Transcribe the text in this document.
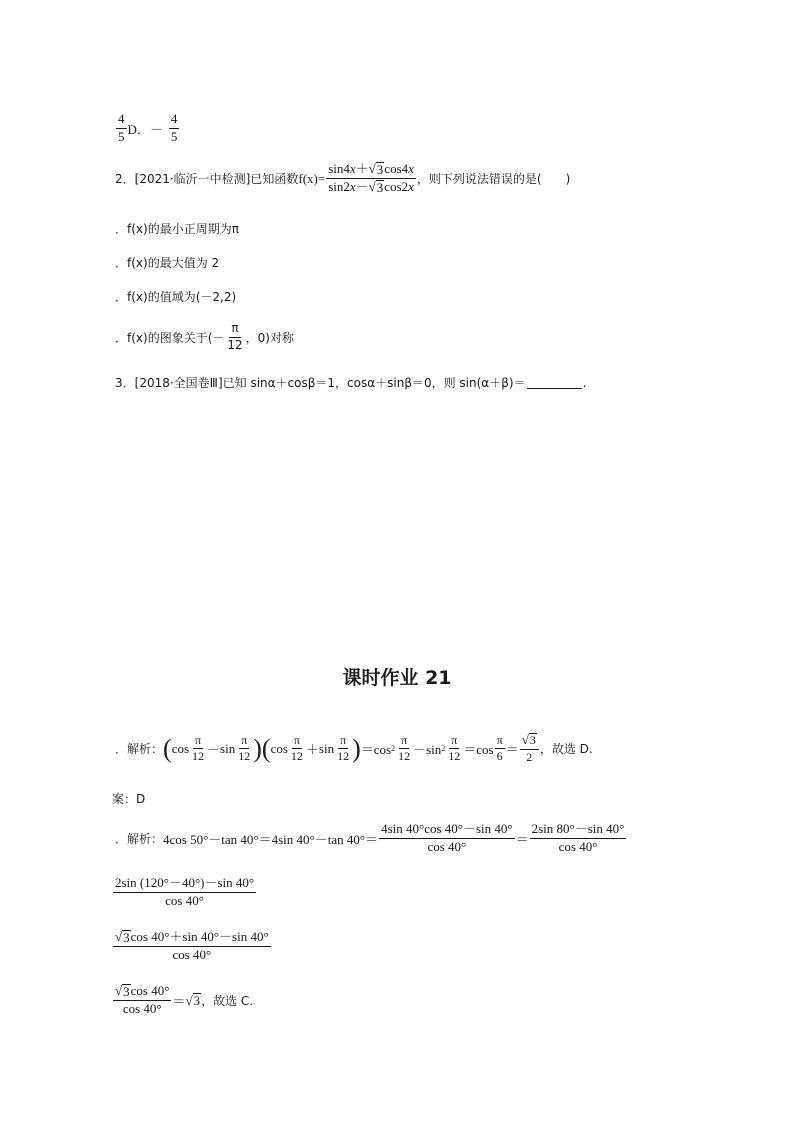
$\frac{4}{5}$ D．－ $\frac{4}{5}$
2．[2021·临沂一中检测]已知函数 $f(x)= \frac{\sin 4x+ √ 3 \cos 4x}{\sin 2x- √ 3 \cos 2x}$ ，则下列说法错误的是(　　)
．f(x)的最小正周期为π
．f(x)的最大值为 2
．f(x)的值域为(－2,2)
．f(x)的图象关于(－ $\frac{\pi}{12}$ ，0)对称
3．[2018·全国卷Ⅲ]已知 sinα＋cosβ＝1，cosα＋sinβ＝0，则 sin(α＋β)＝	.
课时作业 21
．解析： ( $\cos \frac{\pi}{12} - \sin \frac{\pi}{12}$ ) ( $\cos \frac{\pi}{12} + \sin \frac{\pi}{12}$ ) ＝cos $2 \frac{\pi}{12} -\sin$ $2 \frac{\pi}{12} =\cos \frac{\pi}{6} = \frac{√ 3}{2}$ ，故选 D.
案：D
．解析： 4cos 50°－tan 40°＝4sin 40°－tan $40^\circ= \frac{4\sin 40^\circ\cos 40^\circ-\sin 40^\circ}{\cos 40^\circ} = \frac{2\sin 80^\circ-\sin 40^\circ}{\cos 40^\circ}$
$\frac{2\sin (120^\circ-40^\circ)-\sin 40^\circ}{\cos 40^\circ}$
$\frac{√ 3 \cos 40^\circ+\sin 40^\circ-\sin 40^\circ}{\cos 40^\circ}$
$\frac{√ 3 \cos 40^\circ}{\cos 40^\circ}$ ＝ √ 3 ，故选 C.
